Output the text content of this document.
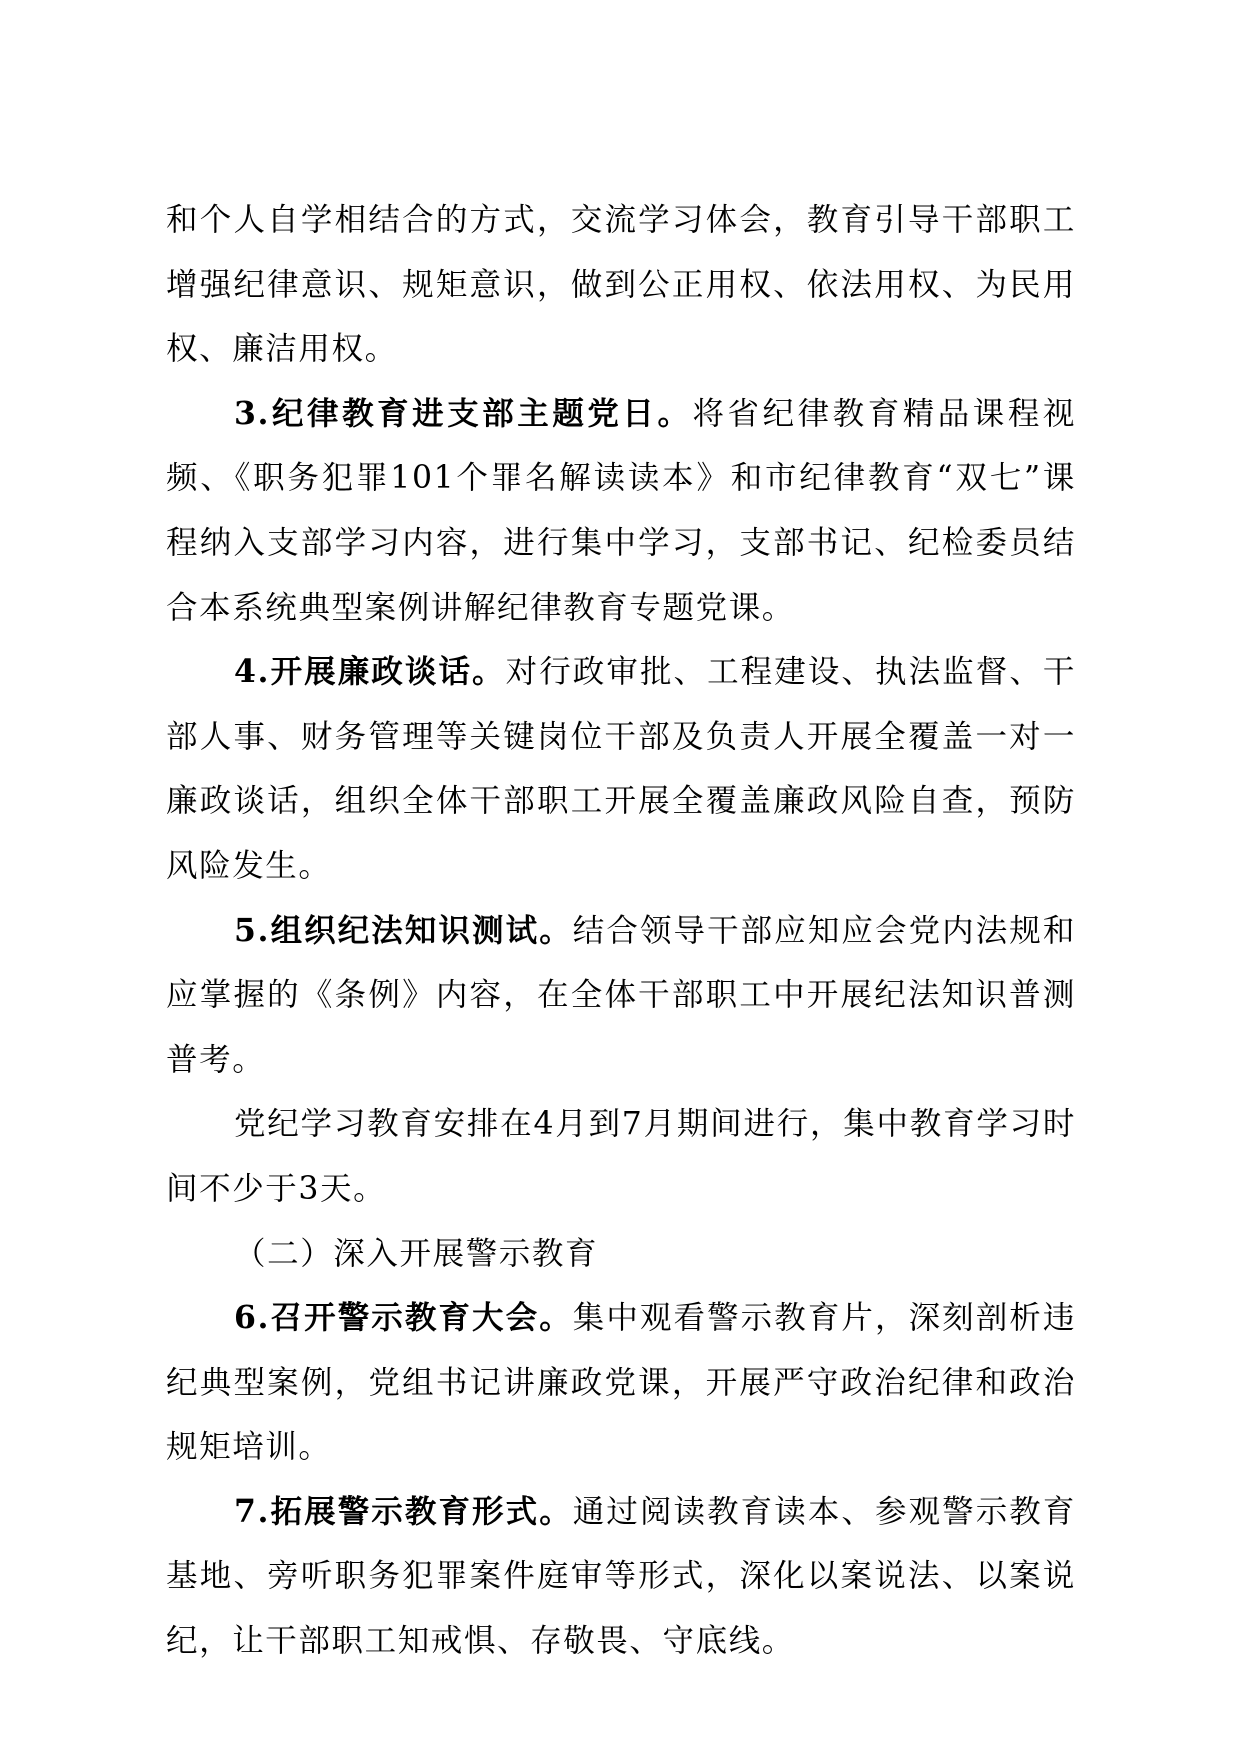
和个人自学相结合的方式，交流学习体会，教育引导干部职工增强纪律意识、规矩意识，做到公正用权、依法用权、为民用权、廉洁用权。

3.纪律教育进支部主题党日。将省纪律教育精品课程视频、《职务犯罪101个罪名解读读本》和市纪律教育“双七”课程纳入支部学习内容，进行集中学习，支部书记、纪检委员结合本系统典型案例讲解纪律教育专题党课。

4.开展廉政谈话。对行政审批、工程建设、执法监督、干部人事、财务管理等关键岗位干部及负责人开展全覆盖一对一廉政谈话，组织全体干部职工开展全覆盖廉政风险自查，预防风险发生。

5.组织纪法知识测试。结合领导干部应知应会党内法规和应掌握的《条例》内容，在全体干部职工中开展纪法知识普测普考。

党纪学习教育安排在4月到7月期间进行，集中教育学习时间不少于3天。

（二）深入开展警示教育

6.召开警示教育大会。集中观看警示教育片，深刻剖析违纪典型案例，党组书记讲廉政党课，开展严守政治纪律和政治规矩培训。

7.拓展警示教育形式。通过阅读教育读本、参观警示教育基地、旁听职务犯罪案件庭审等形式，深化以案说法、以案说纪，让干部职工知戒惧、存敬畏、守底线。
